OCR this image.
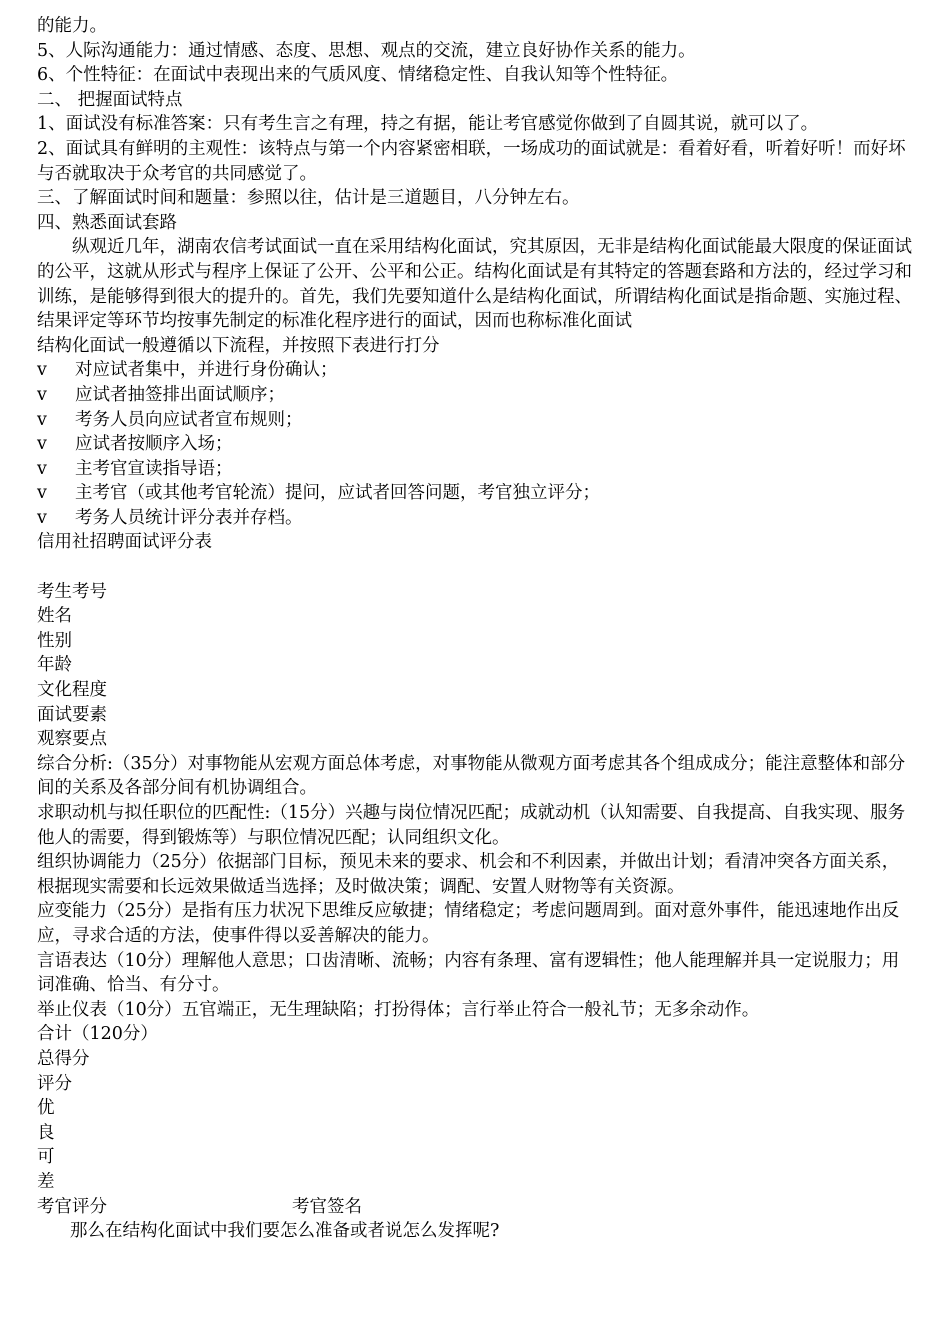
的能力。
5、人际沟通能力：通过情感、态度、思想、观点的交流，建立良好协作关系的能力。
6、个性特征：在面试中表现出来的气质风度、情绪稳定性、自我认知等个性特征。
二、 把握面试特点
1、面试没有标准答案：只有考生言之有理，持之有据，能让考官感觉你做到了自圆其说，就可以了。
2、面试具有鲜明的主观性：该特点与第一个内容紧密相联，一场成功的面试就是：看着好看，听着好听！而好坏与否就取决于众考官的共同感觉了。
三、了解面试时间和题量：参照以往，估计是三道题目，八分钟左右。
四、熟悉面试套路
纵观近几年，湖南农信考试面试一直在采用结构化面试，究其原因，无非是结构化面试能最大限度的保证面试的公平，这就从形式与程序上保证了公开、公平和公正。结构化面试是有其特定的答题套路和方法的，经过学习和训练，是能够得到很大的提升的。首先，我们先要知道什么是结构化面试，所谓结构化面试是指命题、实施过程、结果评定等环节均按事先制定的标准化程序进行的面试，因而也称标准化面试
结构化面试一般遵循以下流程，并按照下表进行打分
v	对应试者集中，并进行身份确认；
v	应试者抽签排出面试顺序；
v	考务人员向应试者宣布规则；
v	应试者按顺序入场；
v	主考官宣读指导语；
v	主考官（或其他考官轮流）提问，应试者回答问题，考官独立评分；
v	考务人员统计评分表并存档。
信用社招聘面试评分表
考生考号
姓名
性别
年龄
文化程度
面试要素
观察要点
综合分析:（35分）对事物能从宏观方面总体考虑，对事物能从微观方面考虑其各个组成成分；能注意整体和部分间的关系及各部分间有机协调组合。
求职动机与拟任职位的匹配性:（15分）兴趣与岗位情况匹配；成就动机（认知需要、自我提高、自我实现、服务他人的需要，得到锻炼等）与职位情况匹配；认同组织文化。
组织协调能力（25分）依据部门目标，预见未来的要求、机会和不利因素，并做出计划；看清冲突各方面关系，根据现实需要和长远效果做适当选择；及时做决策；调配、安置人财物等有关资源。
应变能力（25分）是指有压力状况下思维反应敏捷；情绪稳定；考虑问题周到。面对意外事件，能迅速地作出反应，寻求合适的方法，使事件得以妥善解决的能力。
言语表达（10分）理解他人意思；口齿清晰、流畅；内容有条理、富有逻辑性；他人能理解并具一定说服力；用词准确、恰当、有分寸。
举止仪表（10分）五官端正，无生理缺陷；打扮得体；言行举止符合一般礼节；无多余动作。
合计（120分）
总得分
评分
优
良
可
差
考官评分	考官签名
那么在结构化面试中我们要怎么准备或者说怎么发挥呢?
